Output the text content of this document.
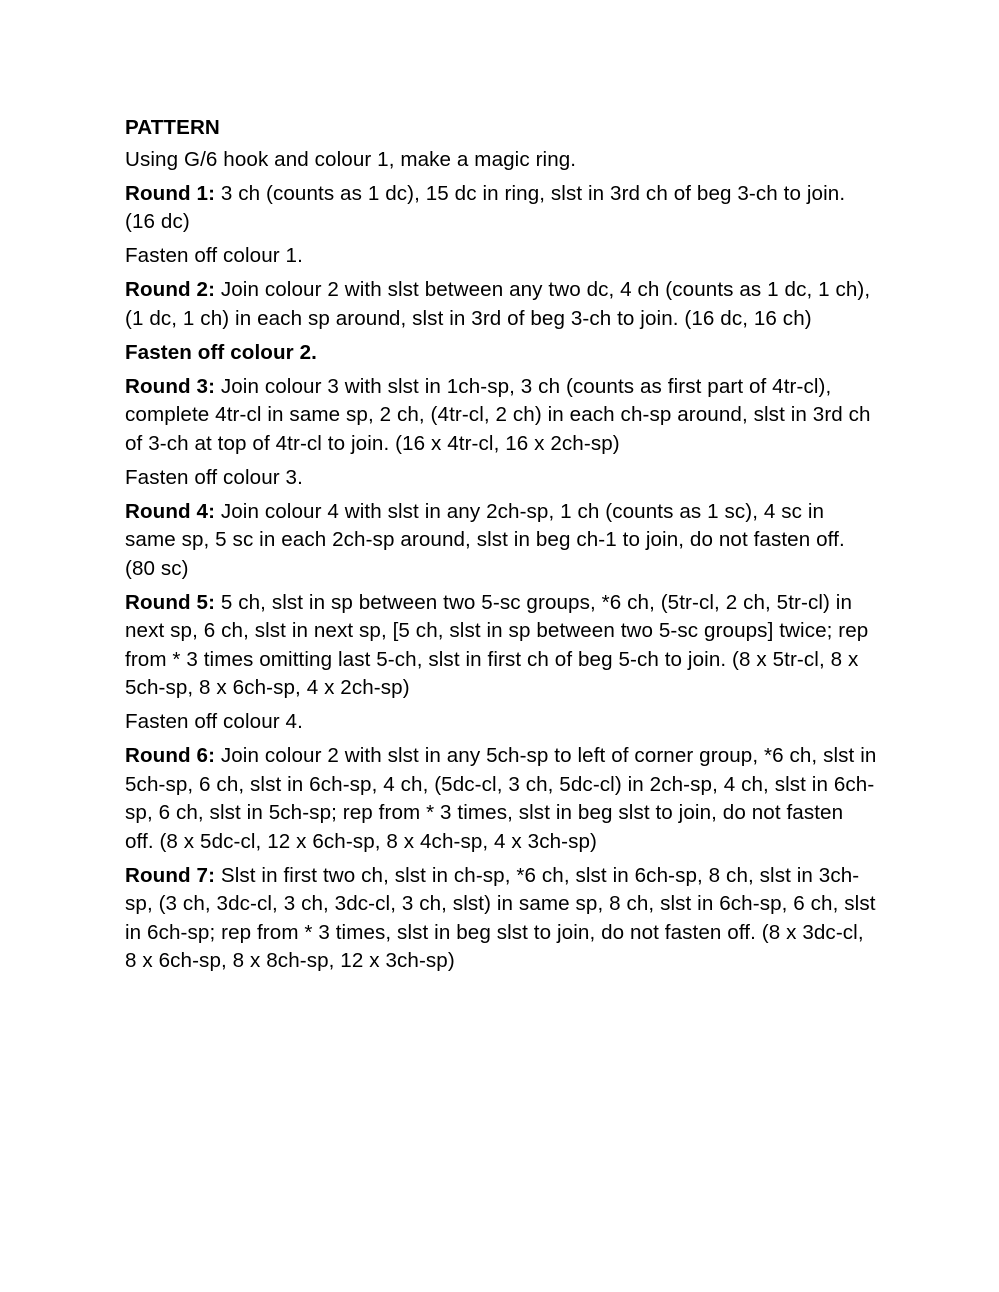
PATTERN
Using G/6 hook and colour 1, make a magic ring.
Round 1: 3 ch (counts as 1 dc), 15 dc in ring, slst in 3rd ch of beg 3-ch to join. (16 dc)
Fasten off colour 1.
Round 2: Join colour 2 with slst between any two dc, 4 ch (counts as 1 dc, 1 ch), (1 dc, 1 ch) in each sp around, slst in 3rd of beg 3-ch to join. (16 dc, 16 ch)
Fasten off colour 2.
Round 3: Join colour 3 with slst in 1ch-sp, 3 ch (counts as first part of 4tr-cl), complete 4tr-cl in same sp, 2 ch, (4tr-cl, 2 ch) in each ch-sp around, slst in 3rd ch of 3-ch at top of 4tr-cl to join. (16 x 4tr-cl, 16 x 2ch-sp)
Fasten off colour 3.
Round 4: Join colour 4 with slst in any 2ch-sp, 1 ch (counts as 1 sc), 4 sc in same sp, 5 sc in each 2ch-sp around, slst in beg ch-1 to join, do not fasten off. (80 sc)
Round 5: 5 ch, slst in sp between two 5-sc groups, *6 ch, (5tr-cl, 2 ch, 5tr-cl) in next sp, 6 ch, slst in next sp, [5 ch, slst in sp between two 5-sc groups] twice; rep from * 3 times omitting last 5-ch, slst in first ch of beg 5-ch to join. (8 x 5tr-cl, 8 x 5ch-sp, 8 x 6ch-sp, 4 x 2ch-sp)
Fasten off colour 4.
Round 6: Join colour 2 with slst in any 5ch-sp to left of corner group, *6 ch, slst in 5ch-sp, 6 ch, slst in 6ch-sp, 4 ch, (5dc-cl, 3 ch, 5dc-cl) in 2ch-sp, 4 ch, slst in 6ch-sp, 6 ch, slst in 5ch-sp; rep from * 3 times, slst in beg slst to join, do not fasten off. (8 x 5dc-cl, 12 x 6ch-sp, 8 x 4ch-sp, 4 x 3ch-sp)
Round 7: Slst in first two ch, slst in ch-sp, *6 ch, slst in 6ch-sp, 8 ch, slst in 3ch-sp, (3 ch, 3dc-cl, 3 ch, 3dc-cl, 3 ch, slst) in same sp, 8 ch, slst in 6ch-sp, 6 ch, slst in 6ch-sp; rep from * 3 times, slst in beg slst to join, do not fasten off. (8 x 3dc-cl, 8 x 6ch-sp, 8 x 8ch-sp, 12 x 3ch-sp)
